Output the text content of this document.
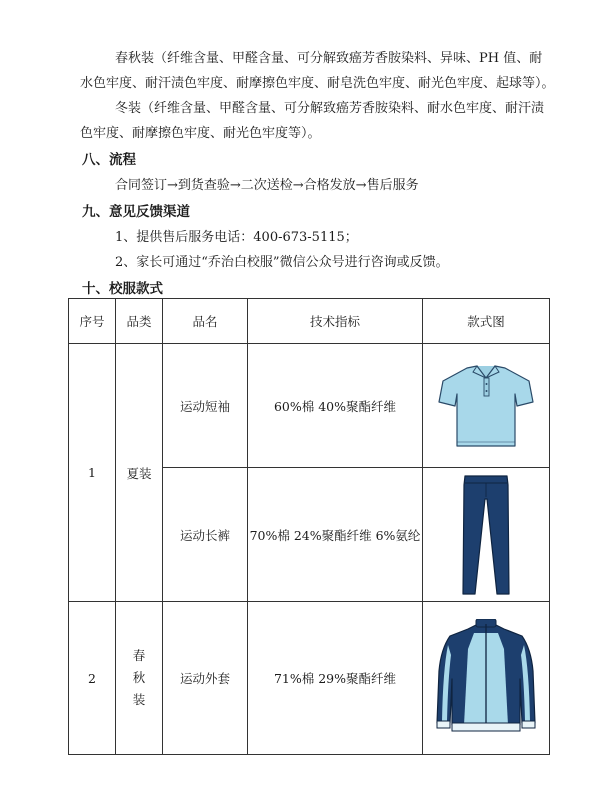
春秋装（纤维含量、甲醛含量、可分解致癌芳香胺染料、异味、PH 值、耐
水色牢度、耐汗渍色牢度、耐摩擦色牢度、耐皂洗色牢度、耐光色牢度、起球等）。
冬装（纤维含量、甲醛含量、可分解致癌芳香胺染料、耐水色牢度、耐汗渍
色牢度、耐摩擦色牢度、耐光色牢度等）。
八、流程
合同签订→到货查验→二次送检→合格发放→售后服务
九、意见反馈渠道
1、提供售后服务电话：400-673-5115；
2、家长可通过“乔治白校服”微信公众号进行咨询或反馈。
十、校服款式
序号	品类	品名	技术指标	款式图
1	夏装	运动短袖	60%棉 40%聚酯纤维	

		运动长裤	70%棉 24%聚酯纤维 6%氨纶	

2	春秋装	运动外套	71%棉 29%聚酯纤维	
